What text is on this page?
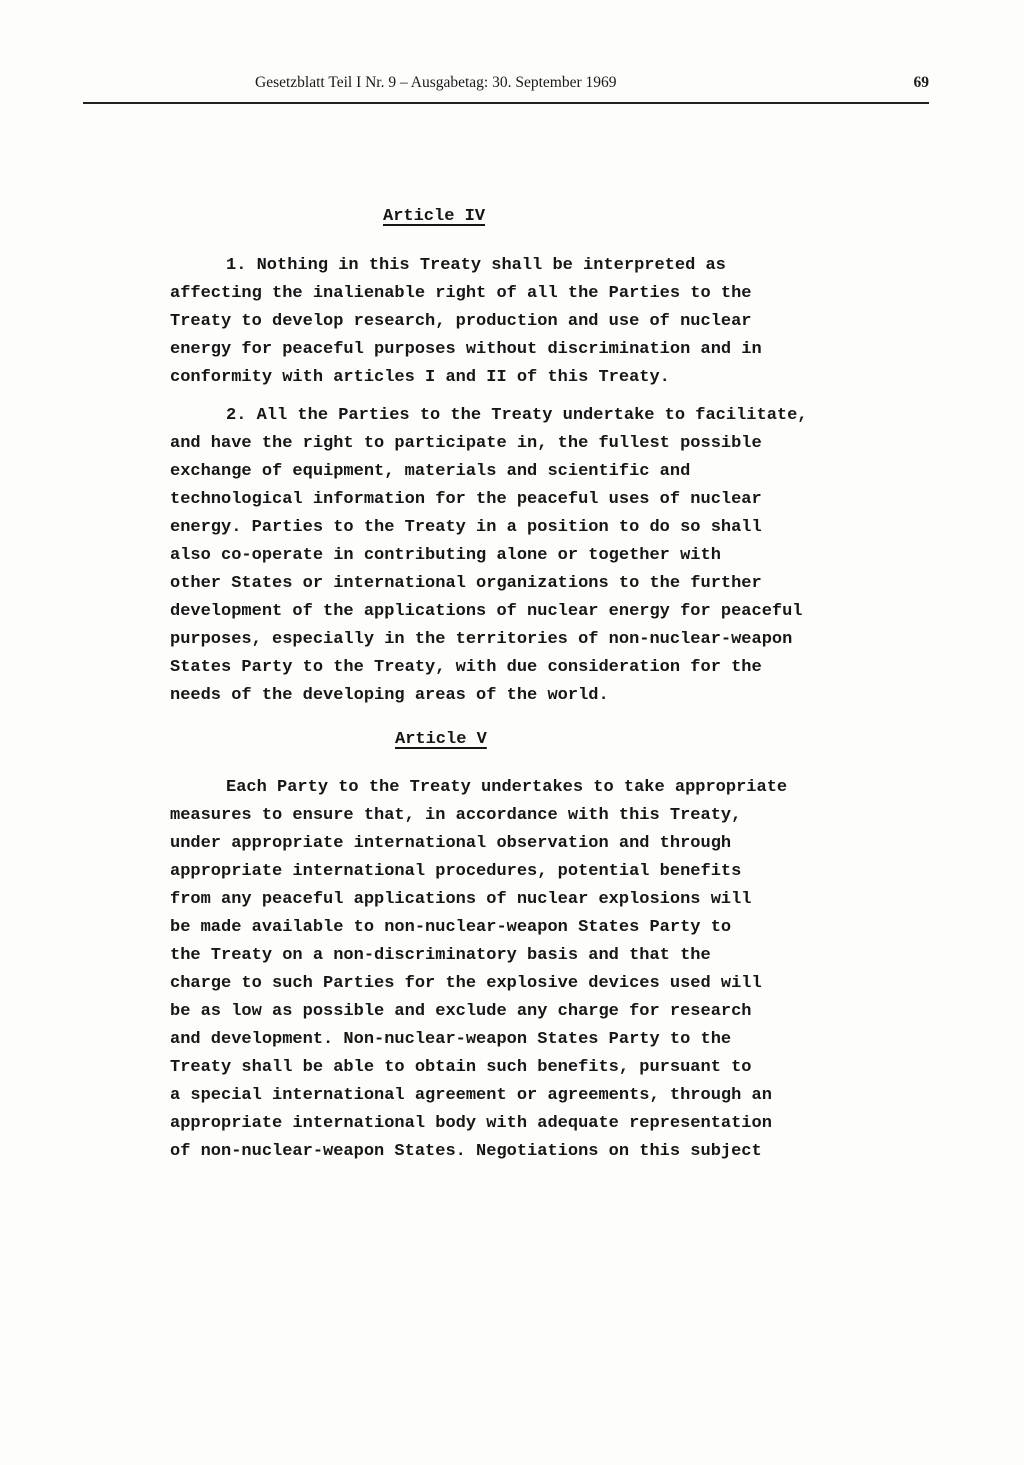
Gesetzblatt Teil I Nr. 9 – Ausgabetag: 30. September 1969	69
Article IV
1. Nothing in this Treaty shall be interpreted as
affecting the inalienable right of all the Parties to the
Treaty to develop research, production and use of nuclear
energy for peaceful purposes without discrimination and in
conformity with articles I and II of this Treaty.
2. All the Parties to the Treaty undertake to facilitate,
and have the right to participate in, the fullest possible
exchange of equipment, materials and scientific and
technological information for the peaceful uses of nuclear
energy. Parties to the Treaty in a position to do so shall
also co-operate in contributing alone or together with
other States or international organizations to the further
development of the applications of nuclear energy for peaceful
purposes, especially in the territories of non-nuclear-weapon
States Party to the Treaty, with due consideration for the
needs of the developing areas of the world.
Article V
Each Party to the Treaty undertakes to take appropriate
measures to ensure that, in accordance with this Treaty,
under appropriate international observation and through
appropriate international procedures, potential benefits
from any peaceful applications of nuclear explosions will
be made available to non-nuclear-weapon States Party to
the Treaty on a non-discriminatory basis and that the
charge to such Parties for the explosive devices used will
be as low as possible and exclude any charge for research
and development. Non-nuclear-weapon States Party to the
Treaty shall be able to obtain such benefits, pursuant to
a special international agreement or agreements, through an
appropriate international body with adequate representation
of non-nuclear-weapon States. Negotiations on this subject
